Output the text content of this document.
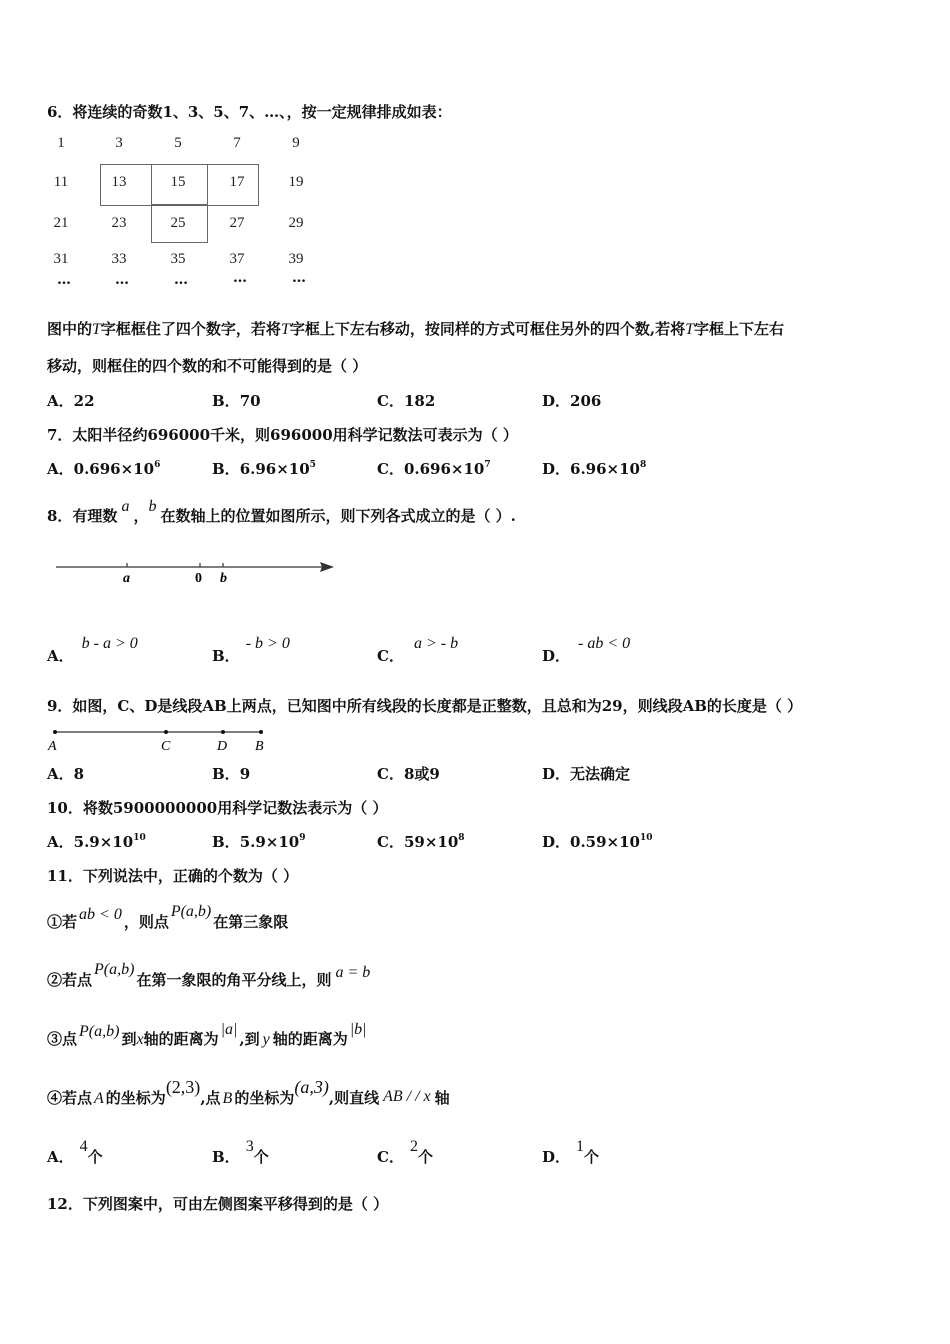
6．将连续的奇数1、3、5、7、…、，按一定规律排成如表：
1	3	5	7	9
11	13	15	17	19
21	23	25	27	29
31	33	35	37	39
…	…	…	…	…
图中的T字框框住了四个数字，若将T字框上下左右移动，按同样的方式可框住另外的四个数,若将T字框上下左右
移动，则框住的四个数的和不可能得到的是（ ）
A．22	B．70	C．182	D．206
7．太阳半径约696000千米，则696000用科学记数法可表示为（ ）
A．$0.696\times 10^6$	B．$6.96\times 10^5$	C．$0.696\times 10^7$	D．$6.96\times 10^8$
8．有理数a，b在数轴上的位置如图所示，则下列各式成立的是（ ）.
a	0 b
A．b - a > 0
B．- b > 0
C．a > - b
D．- ab < 0
9．如图，C、D是线段AB上两点，已知图中所有线段的长度都是正整数，且总和为29，则线段AB的长度是（ ）
A	C	D B
A．8	B．9	C．8或9	D．无法确定
10．将数5900000000用科学记数法表示为（ ）
A．$5.9\times 10^{10}$	B．$5.9\times 10^9$	C．$59\times 10^8$	D．$0.59\times 10^{10}$
11．下列说法中，正确的个数为（ ）
①若 ab < 0 ，则点P(a,b)在第三象限
②若点P(a,b)在第一象限的角平分线上，则 a = b
③点 P(a,b) 到x轴的距离为|a|,到 y 轴的距离为|b|
④若点 A 的坐标为(2,3),点 B 的坐标为(a,3),则直线 AB / / x 轴
A．4个	B．3个	C．2个	D．1个
12．下列图案中，可由左侧图案平移得到的是（ ）
